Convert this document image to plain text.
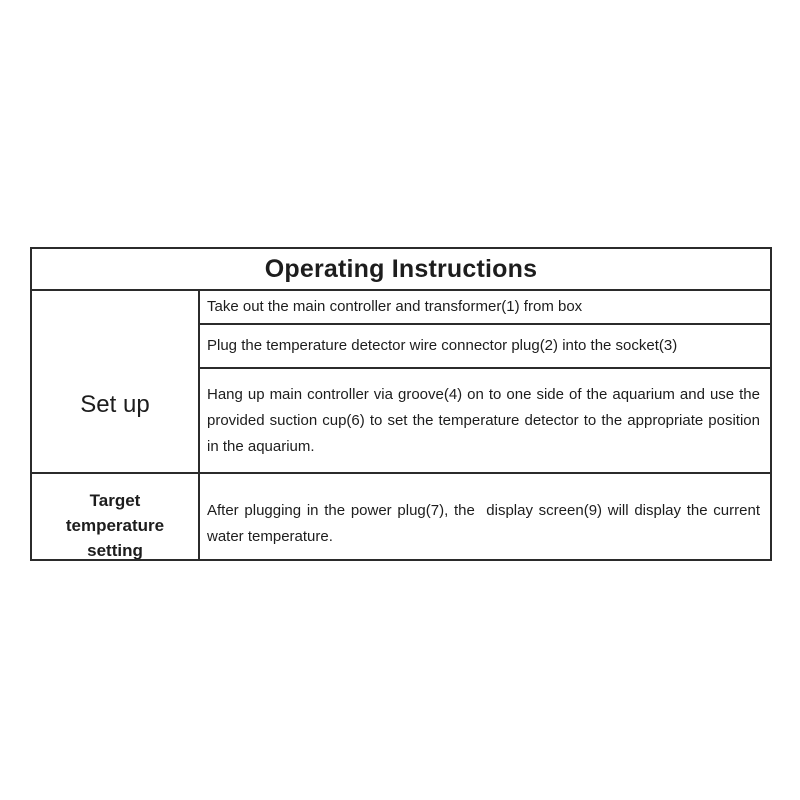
Operating Instructions
Set up
Take out the main controller and transformer(1) from box
Plug the temperature detector wire connector plug(2) into the socket(3)
Hang up main controller via groove(4) on to one side of the aquarium and use the provided suction cup(6) to set the temperature detector to the appropriate position in the aquarium.
Target temperature setting
After plugging in the power plug(7), the  display screen(9) will display the current water temperature.
